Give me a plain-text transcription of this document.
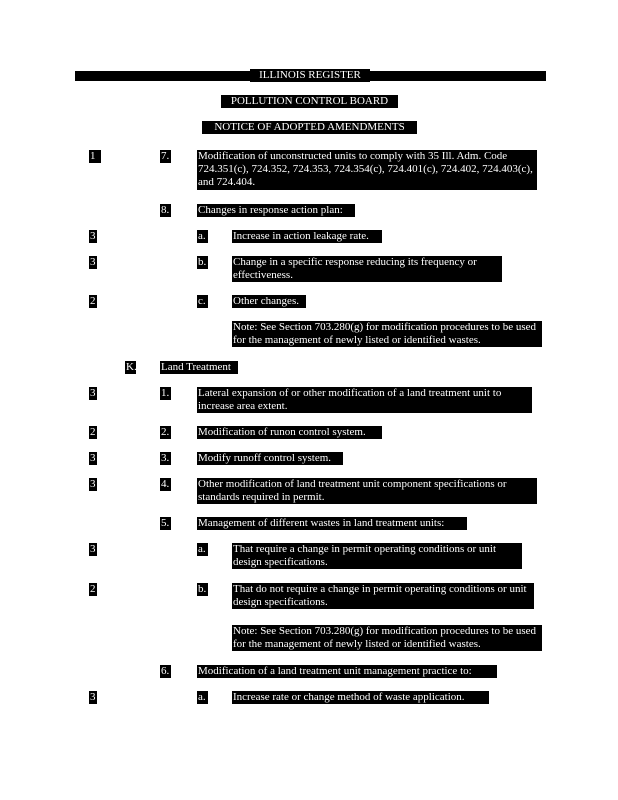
ILLINOIS REGISTER
POLLUTION CONTROL BOARD
NOTICE OF ADOPTED AMENDMENTS
1	7.	Modification of unconstructed units to comply with 35 Ill. Adm. Code 724.351(c), 724.352, 724.353, 724.354(c), 724.401(c), 724.402, 724.403(c), and 724.404.
8.	Changes in response action plan:
3	a. Increase in action leakage rate.
3	b. Change in a specific response reducing its frequency or effectiveness.
2	c. Other changes.
Note: See Section 703.280(g) for modification procedures to be used for the management of newly listed or identified wastes.
K. Land Treatment
3	1.	Lateral expansion of or other modification of a land treatment unit to increase area extent.
2	2.	Modification of runon control system.
3	3.	Modify runoff control system.
3	4.	Other modification of land treatment unit component specifications or standards required in permit.
5.	Management of different wastes in land treatment units:
3	a. That require a change in permit operating conditions or unit design specifications.
2	b. That do not require a change in permit operating conditions or unit design specifications.
Note: See Section 703.280(g) for modification procedures to be used for the management of newly listed or identified wastes.
6.	Modification of a land treatment unit management practice to:
3	a. Increase rate or change method of waste application.
